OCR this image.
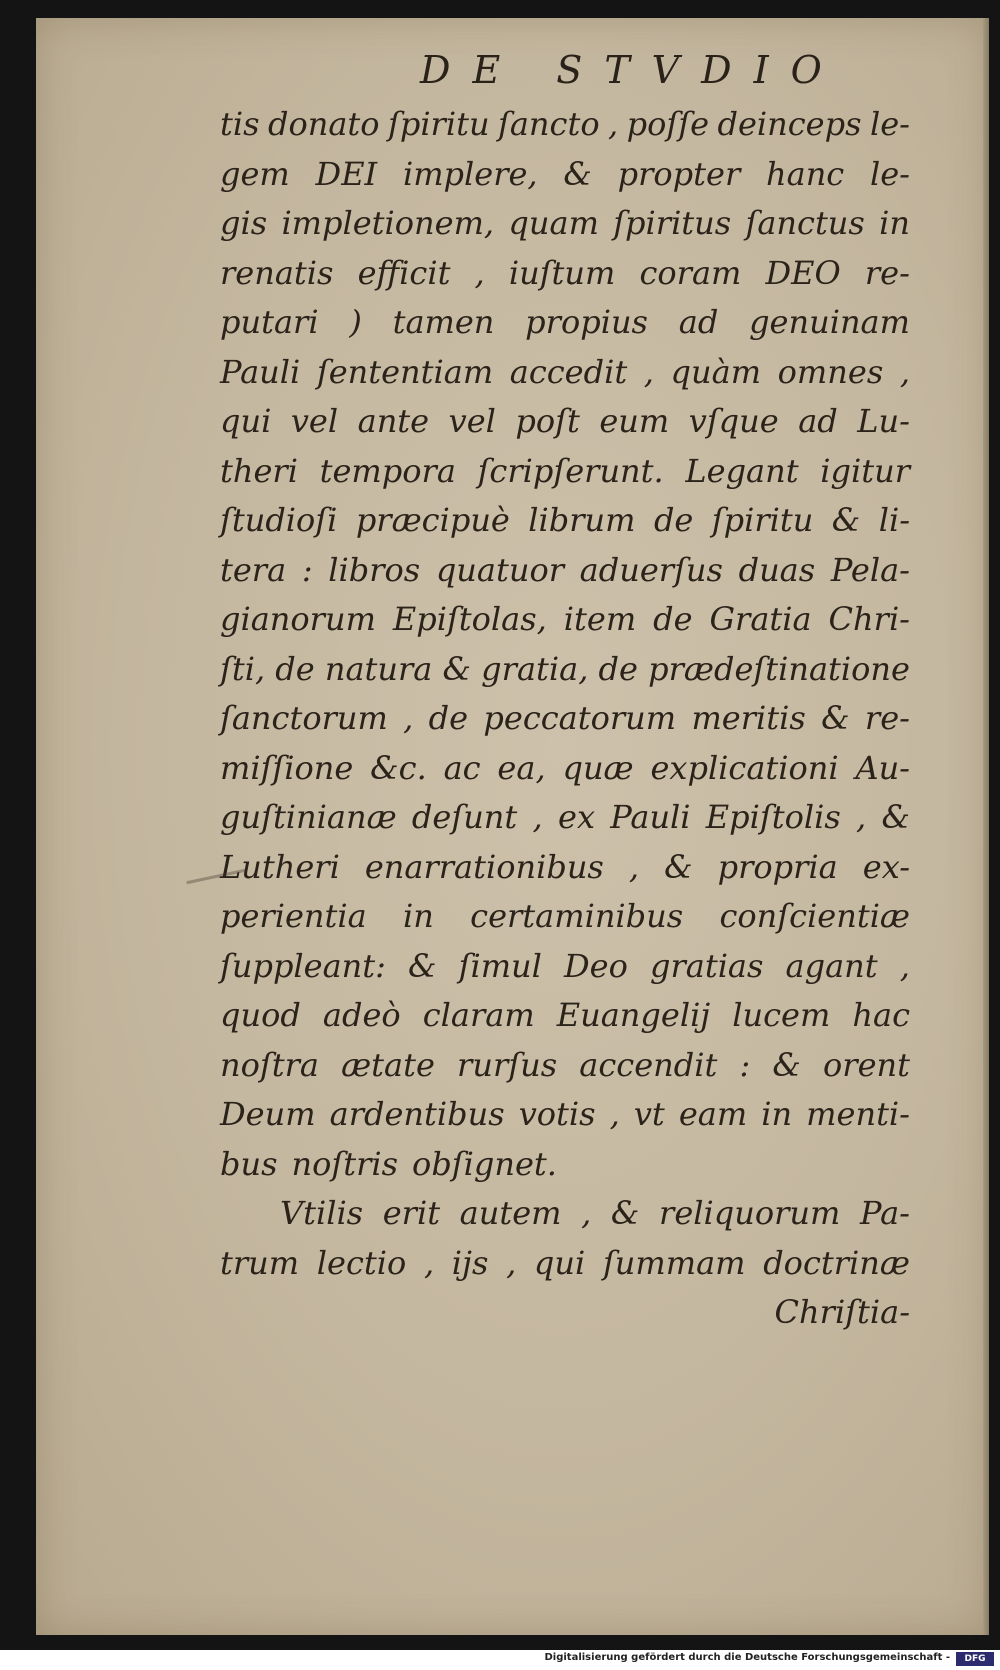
DE STVDIO
tis donato ſpiritu ſancto , poſſe deinceps le-
gem DEI implere, & propter hanc le-
gis impletionem, quam ſpiritus ſanctus in
renatis efficit , iuſtum coram DEO re-
putari ) tamen propius ad genuinam
Pauli ſententiam accedit , quàm omnes ,
qui vel ante vel poſt eum vſque ad Lu-
theri tempora ſcripſerunt. Legant igitur
ſtudioſi præcipuè librum de ſpiritu & li-
tera : libros quatuor aduerſus duas Pela-
gianorum Epiſtolas, item de Gratia Chri-
ſti, de natura & gratia, de prædeſtinatione
ſanctorum , de peccatorum meritis & re-
miſſione &c. ac ea, quæ explicationi Au-
guſtinianæ deſunt , ex Pauli Epiſtolis , &
Lutheri enarrationibus , & propria ex-
perientia in certaminibus conſcientiæ
ſuppleant: & ſimul Deo gratias agant ,
quod adeò claram Euangelij lucem hac
noſtra ætate rurſus accendit : & orent
Deum ardentibus votis , vt eam in menti-
bus noſtris obſignet.
Vtilis erit autem , & reliquorum Pa-
trum lectio , ijs , qui ſummam doctrinæ
Chriſtia-
Digitalisierung gefördert durch die Deutsche Forschungsgemeinschaft -	DFG
